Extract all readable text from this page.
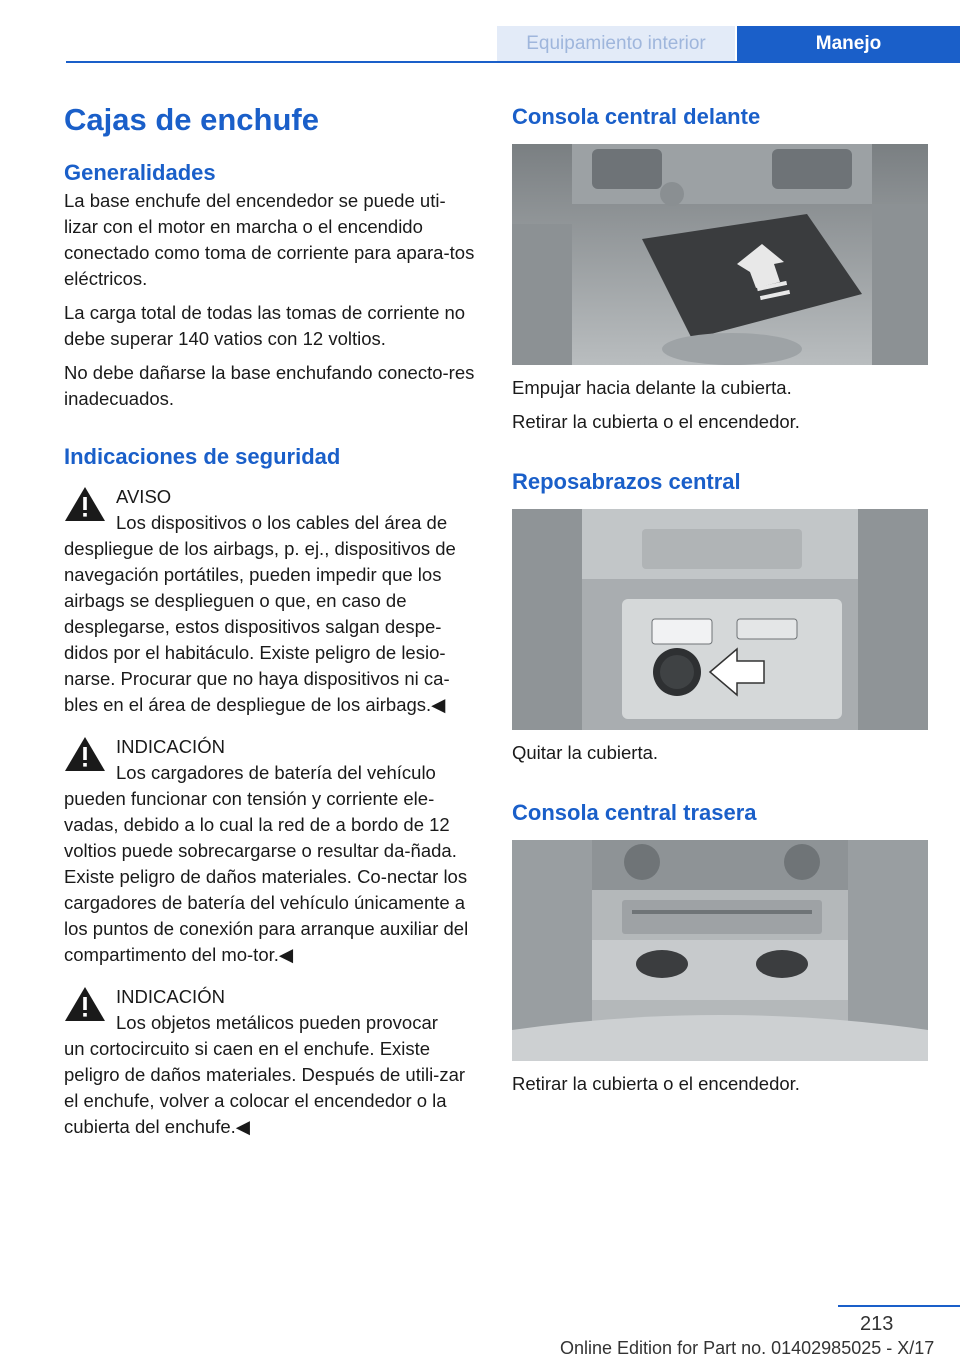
Equipamiento interior	Manejo
Cajas de enchufe
Generalidades

La base enchufe del encendedor se puede uti-lizar con el motor en marcha o el encendido conectado como toma de corriente para apara-tos eléctricos.

La carga total de todas las tomas de corriente no debe superar 140 vatios con 12 voltios.

No debe dañarse la base enchufando conecto-res inadecuados.

Indicaciones de seguridad
AVISO

Los dispositivos o los cables del área de

despliegue de los airbags, p. ej., dispositivos de navegación portátiles, pueden impedir que los airbags se desplieguen o que, en caso de desplegarse, estos dispositivos salgan despe-didos por el habitáculo. Existe peligro de lesio-narse. Procurar que no haya dispositivos ni ca-bles en el área de despliegue de los airbags.◀

INDICACIÓN

Los cargadores de batería del vehículo

pueden funcionar con tensión y corriente ele-vadas, debido a lo cual la red de a bordo de 12 voltios puede sobrecargarse o resultar da-ñada. Existe peligro de daños materiales. Co-nectar los cargadores de batería del vehículo únicamente a los puntos de conexión para arranque auxiliar del compartimento del mo-tor.◀

INDICACIÓN

Los objetos metálicos pueden provocar

un cortocircuito si caen en el enchufe. Existe peligro de daños materiales. Después de utili-zar el enchufe, volver a colocar el encendedor o la cubierta del enchufe.◀

Consola central delante

Empujar hacia delante la cubierta.

Retirar la cubierta o el encendedor.

Reposabrazos central

Quitar la cubierta.

Consola central trasera

Retirar la cubierta o el encendedor.

213
Online Edition for Part no. 01402985025 - X/17
